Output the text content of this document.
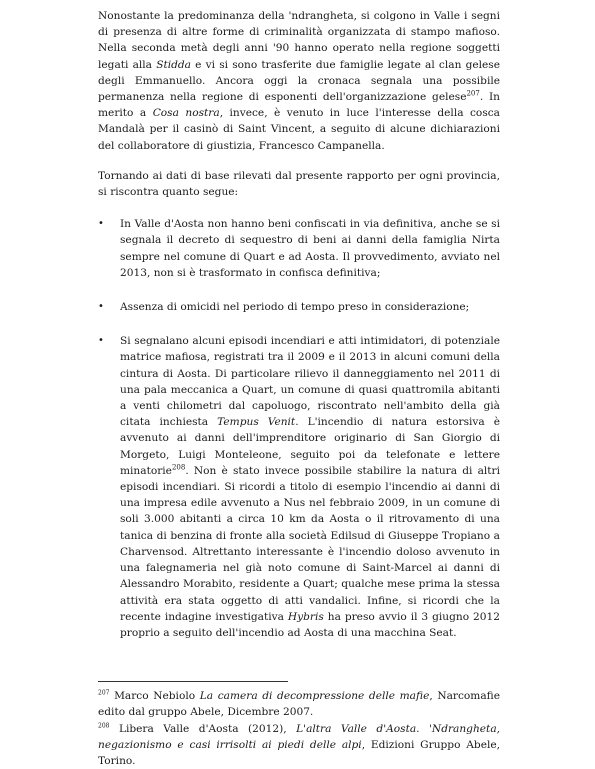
Nonostante la predominanza della 'ndrangheta, si colgono in Valle i segni di presenza di altre forme di criminalità organizzata di stampo mafioso. Nella seconda metà degli anni '90 hanno operato nella regione soggetti legati alla Stidda e vi si sono trasferite due famiglie legate al clan gelese degli Emmanuello. Ancora oggi la cronaca segnala una possibile permanenza nella regione di esponenti dell'organizzazione gelese$^{207}$. In merito a Cosa nostra, invece, è venuto in luce l'interesse della cosca Mandalà per il casinò di Saint Vincent, a seguito di alcune dichiarazioni del collaboratore di giustizia, Francesco Campanella.

Tornando ai dati di base rilevati dal presente rapporto per ogni provincia, si riscontra quanto segue:

•	In Valle d'Aosta non hanno beni confiscati in via definitiva, anche se si segnala il decreto di sequestro di beni ai danni della famiglia Nirta sempre nel comune di Quart e ad Aosta. Il provvedimento, avviato nel 2013, non si è trasformato in confisca definitiva;
•	Assenza di omicidi nel periodo di tempo preso in considerazione;
•	Si segnalano alcuni episodi incendiari e atti intimidatori, di potenziale matrice mafiosa, registrati tra il 2009 e il 2013 in alcuni comuni della cintura di Aosta. Di particolare rilievo il danneggiamento nel 2011 di una pala meccanica a Quart, un comune di quasi quattromila abitanti a venti chilometri dal capoluogo, riscontrato nell'ambito della già citata inchiesta Tempus Venit. L'incendio di natura estorsiva è avvenuto ai danni dell'imprenditore originario di San Giorgio di Morgeto, Luigi Monteleone, seguito poi da telefonate e lettere minatorie$^{208}$. Non è stato invece possibile stabilire la natura di altri episodi incendiari. Si ricordi a titolo di esempio l'incendio ai danni di una impresa edile avvenuto a Nus nel febbraio 2009, in un comune di soli 3.000 abitanti a circa 10 km da Aosta o il ritrovamento di una tanica di benzina di fronte alla società Edilsud di Giuseppe Tropiano a Charvensod. Altrettanto interessante è l'incendio doloso avvenuto in una falegnameria nel già noto comune di Saint-Marcel ai danni di Alessandro Morabito, residente a Quart; qualche mese prima la stessa attività era stata oggetto di atti vandalici. Infine, si ricordi che la recente indagine investigativa Hybris ha preso avvio il 3 giugno 2012 proprio a seguito dell'incendio ad Aosta di una macchina Seat.

$^{207}$ Marco Nebiolo La camera di decompressione delle mafie, Narcomafie edito dal gruppo Abele, Dicembre 2007.

$^{208}$ Libera Valle d'Aosta (2012), L'altra Valle d'Aosta. 'Ndrangheta, negazionismo e casi irrisolti ai piedi delle alpi, Edizioni Gruppo Abele, Torino.
